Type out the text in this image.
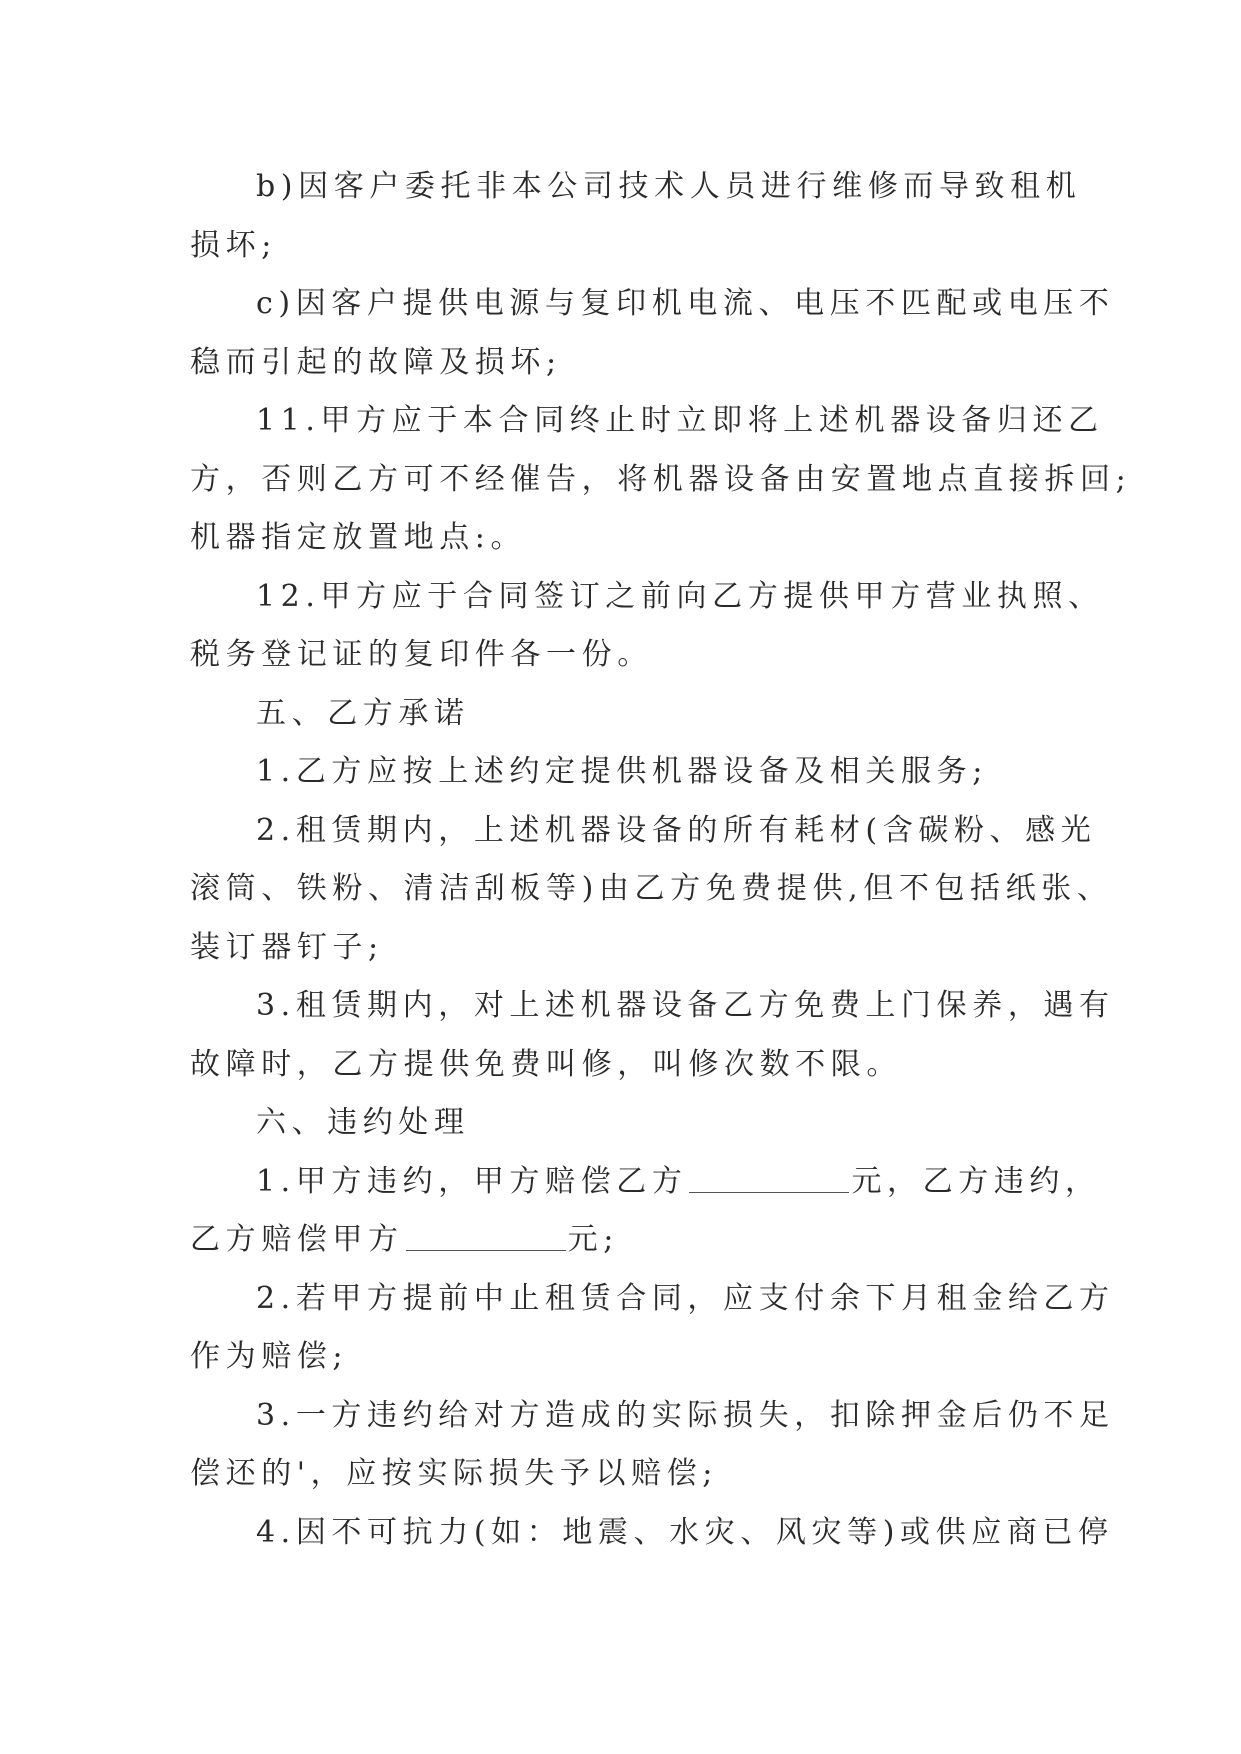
b)因客户委托非本公司技术人员进行维修而导致租机
损坏;
c)因客户提供电源与复印机电流、电压不匹配或电压不
稳而引起的故障及损坏;
11.甲方应于本合同终止时立即将上述机器设备归还乙
方，否则乙方可不经催告，将机器设备由安置地点直接拆回;
机器指定放置地点:。
12.甲方应于合同签订之前向乙方提供甲方营业执照、
税务登记证的复印件各一份。
五、乙方承诺
1.乙方应按上述约定提供机器设备及相关服务;
2.租赁期内，上述机器设备的所有耗材(含碳粉、感光
滚筒、铁粉、清洁刮板等)由乙方免费提供,但不包括纸张、
装订器钉子;
3.租赁期内，对上述机器设备乙方免费上门保养，遇有
故障时，乙方提供免费叫修，叫修次数不限。
六、违约处理
1.甲方违约，甲方赔偿乙方	元，乙方违约，
乙方赔偿甲方	元;
2.若甲方提前中止租赁合同，应支付余下月租金给乙方
作为赔偿;
3.一方违约给对方造成的实际损失，扣除押金后仍不足
偿还的'，应按实际损失予以赔偿;
4.因不可抗力(如：地震、水灾、风灾等)或供应商已停
